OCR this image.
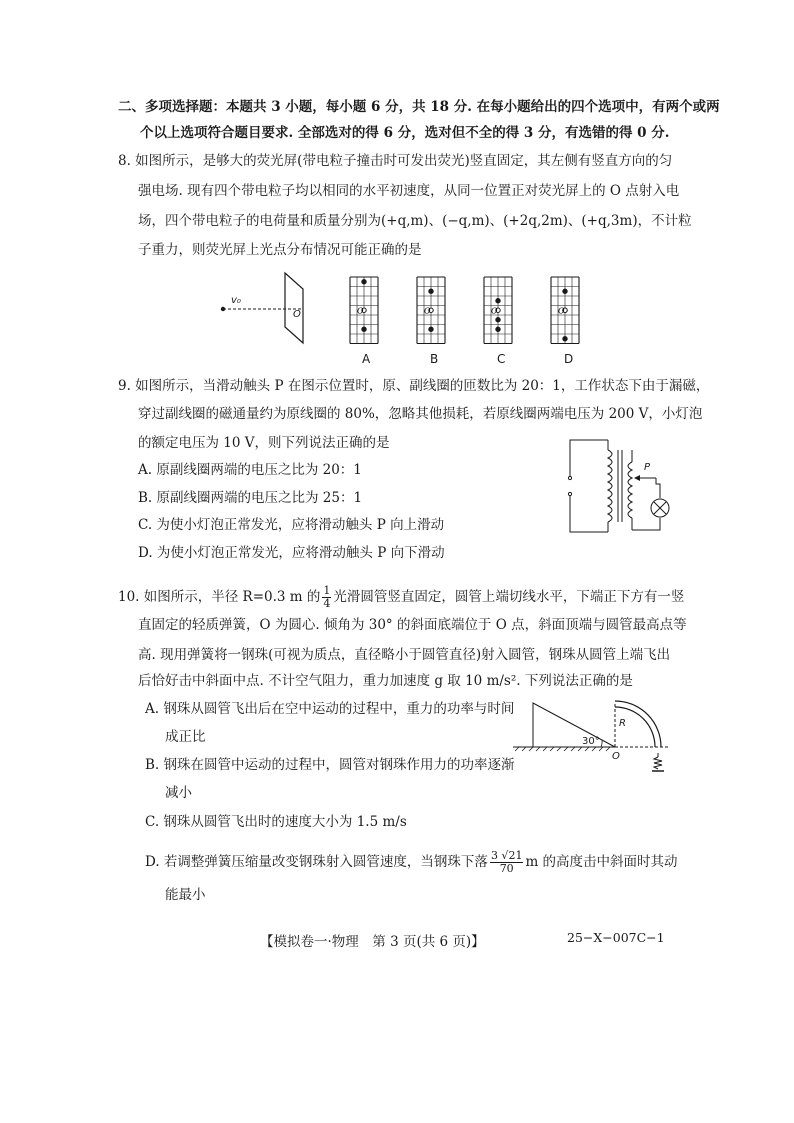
二、多项选择题：本题共 3 小题，每小题 6 分，共 18 分. 在每小题给出的四个选项中，有两个或两
个以上选项符合题目要求. 全部选对的得 6 分，选对但不全的得 3 分，有选错的得 0 分.
8. 如图所示，是够大的荧光屏(带电粒子撞击时可发出荧光)竖直固定，其左侧有竖直方向的匀
强电场. 现有四个带电粒子均以相同的水平初速度，从同一位置正对荧光屏上的 O 点射入电
场，四个带电粒子的电荷量和质量分别为(+q,m)、(−q,m)、(+2q,2m)、(+q,3m)，不计粒
子重力，则荧光屏上光点分布情况可能正确的是
v₀
O	O	O	O	O
A	B	C	D
9. 如图所示，当滑动触头 P 在图示位置时，原、副线圈的匝数比为 20：1，工作状态下由于漏磁，
穿过副线圈的磁通量约为原线圈的 80%，忽略其他损耗，若原线圈两端电压为 200 V，小灯泡
的额定电压为 10 V，则下列说法正确的是
A. 原副线圈两端的电压之比为 20：1
B. 原副线圈两端的电压之比为 25：1
C. 为使小灯泡正常发光，应将滑动触头 P 向上滑动
D. 为使小灯泡正常发光，应将滑动触头 P 向下滑动
P
10. 如图所示，半径 R=0.3 m 的 $\frac{1}{4}$ 光滑圆管竖直固定，圆管上端切线水平，下端正下方有一竖
直固定的轻质弹簧，O 为圆心. 倾角为 30° 的斜面底端位于 O 点，斜面顶端与圆管最高点等
高. 现用弹簧将一钢珠(可视为质点，直径略小于圆管直径)射入圆管，钢珠从圆管上端飞出
后恰好击中斜面中点. 不计空气阻力，重力加速度 g 取 10 m/s². 下列说法正确的是
A. 钢珠从圆管飞出后在空中运动的过程中，重力的功率与时间
成正比
B. 钢珠在圆管中运动的过程中，圆管对钢珠作用力的功率逐渐
减小
C. 钢珠从圆管飞出时的速度大小为 1.5 m/s
D. 若调整弹簧压缩量改变钢珠射入圆管速度，当钢珠下落 $\frac{3 √21}{70}$ m 的高度击中斜面时其动
能最小
R
30°
O
【模拟卷一·物理　第 3 页(共 6 页)】	25−X−007C−1
